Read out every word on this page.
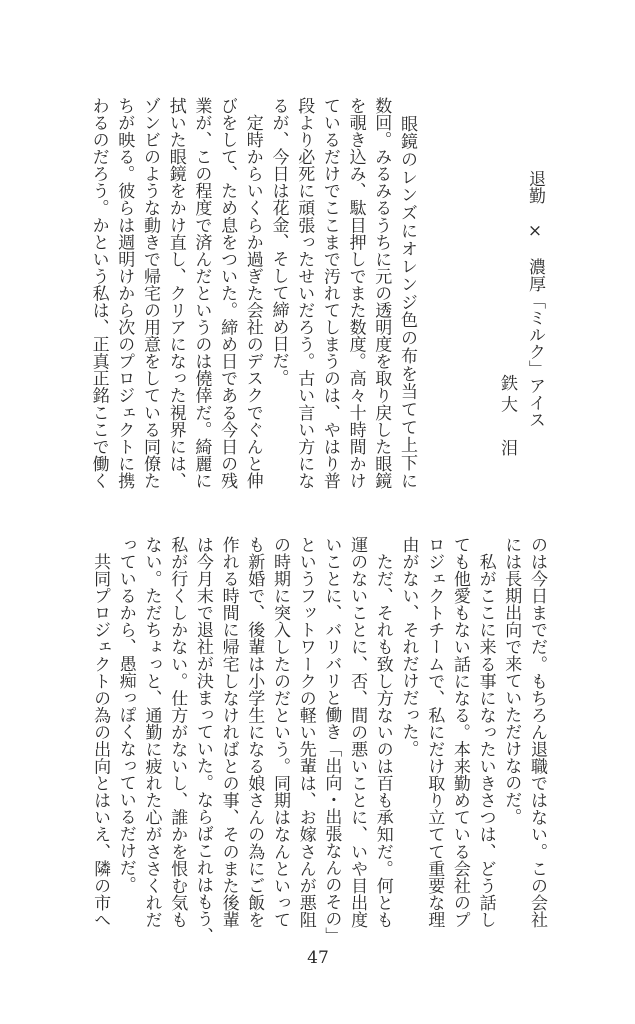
退勤　×　濃厚「ミルク」アイス
鉄大　泪
　眼鏡のレンズにオレンジ色の布を当てて上下に
数回。みるみるうちに元の透明度を取り戻した眼鏡
を覗き込み、駄目押しでまた数度。高々十時間かけ
ているだけでここまで汚れてしまうのは、やはり普
段より必死に頑張ったせいだろう。古い言い方にな
るが、今日は花金、そして締め日だ。
　定時からいくらか過ぎた会社のデスクでぐんと伸
びをして、ため息をついた。締め日である今日の残
業が、この程度で済んだというのは僥倖だ。綺麗に
拭いた眼鏡をかけ直し、クリアになった視界には、
ゾンビのような動きで帰宅の用意をしている同僚た
ちが映る。彼らは週明けから次のプロジェクトに携
わるのだろう。かという私は、正真正銘ここで働く
のは今日までだ。もちろん退職ではない。この会社
には長期出向で来ていただけなのだ。
　私がここに来る事になったいきさつは、どう話し
ても他愛もない話になる。本来勤めている会社のプ
ロジェクトチームで、私にだけ取り立てて重要な理
由がない、それだけだった。
　ただ、それも致し方ないのは百も承知だ。何とも
運のないことに、否、間の悪いことに、いや目出度
いことに、バリバリと働き「出向・出張なんのその」
というフットワークの軽い先輩は、お嫁さんが悪阻
の時期に突入したのだという。同期はなんといって
も新婚で、後輩は小学生になる娘さんの為にご飯を
作れる時間に帰宅しなければとの事、そのまた後輩
は今月末で退社が決まっていた。ならばこれはもう、
私が行くしかない。仕方がないし、誰かを恨む気も
ない。ただちょっと、通勤に疲れた心がささくれだ
っているから、愚痴っぽくなっているだけだ。
　共同プロジェクトの為の出向とはいえ、隣の市へ
47
